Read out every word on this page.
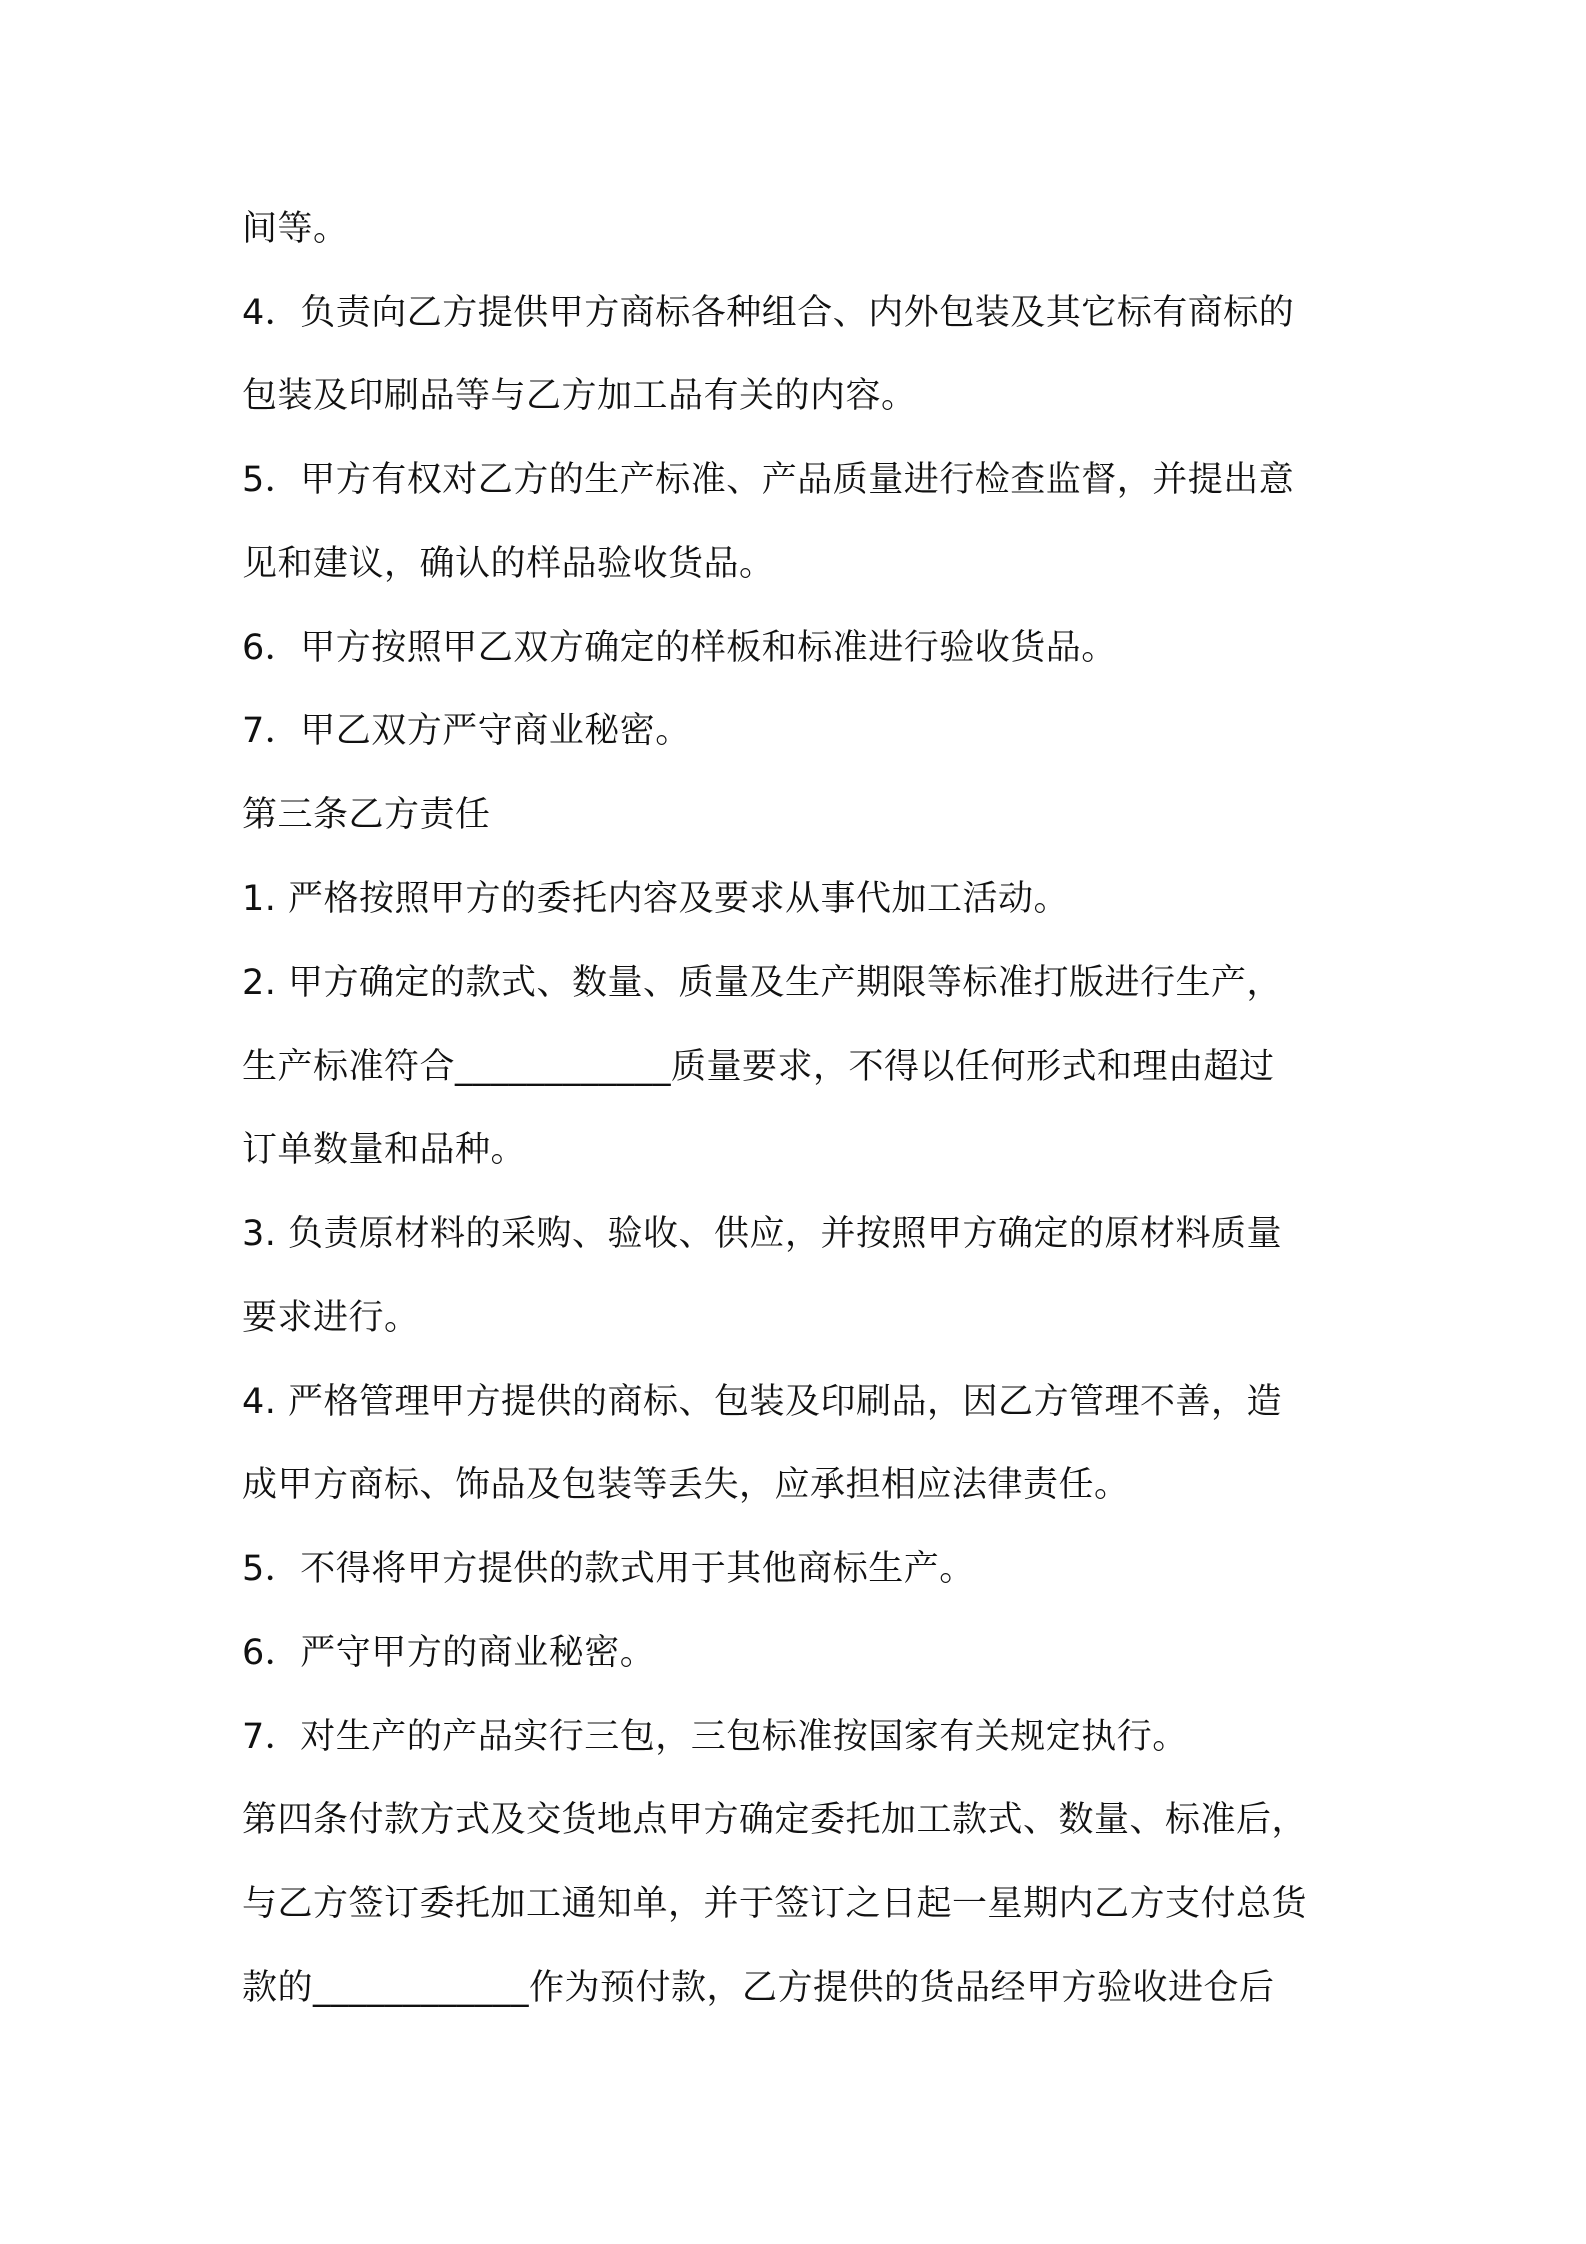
间等。
4．负责向乙方提供甲方商标各种组合、内外包装及其它标有商标的
包装及印刷品等与乙方加工品有关的内容。
5．甲方有权对乙方的生产标准、产品质量进行检查监督，并提出意
见和建议，确认的样品验收货品。
6．甲方按照甲乙双方确定的样板和标准进行验收货品。
7．甲乙双方严守商业秘密。
第三条乙方责任
1. 严格按照甲方的委托内容及要求从事代加工活动。
2. 甲方确定的款式、数量、质量及生产期限等标准打版进行生产，
生产标准符合____________质量要求，不得以任何形式和理由超过
订单数量和品种。
3. 负责原材料的采购、验收、供应，并按照甲方确定的原材料质量
要求进行。
4. 严格管理甲方提供的商标、包装及印刷品，因乙方管理不善，造
成甲方商标、饰品及包装等丢失，应承担相应法律责任。
5．不得将甲方提供的款式用于其他商标生产。
6．严守甲方的商业秘密。
7．对生产的产品实行三包，三包标准按国家有关规定执行。
第四条付款方式及交货地点甲方确定委托加工款式、数量、标准后，
与乙方签订委托加工通知单，并于签订之日起一星期内乙方支付总货
款的____________作为预付款，乙方提供的货品经甲方验收进仓后
